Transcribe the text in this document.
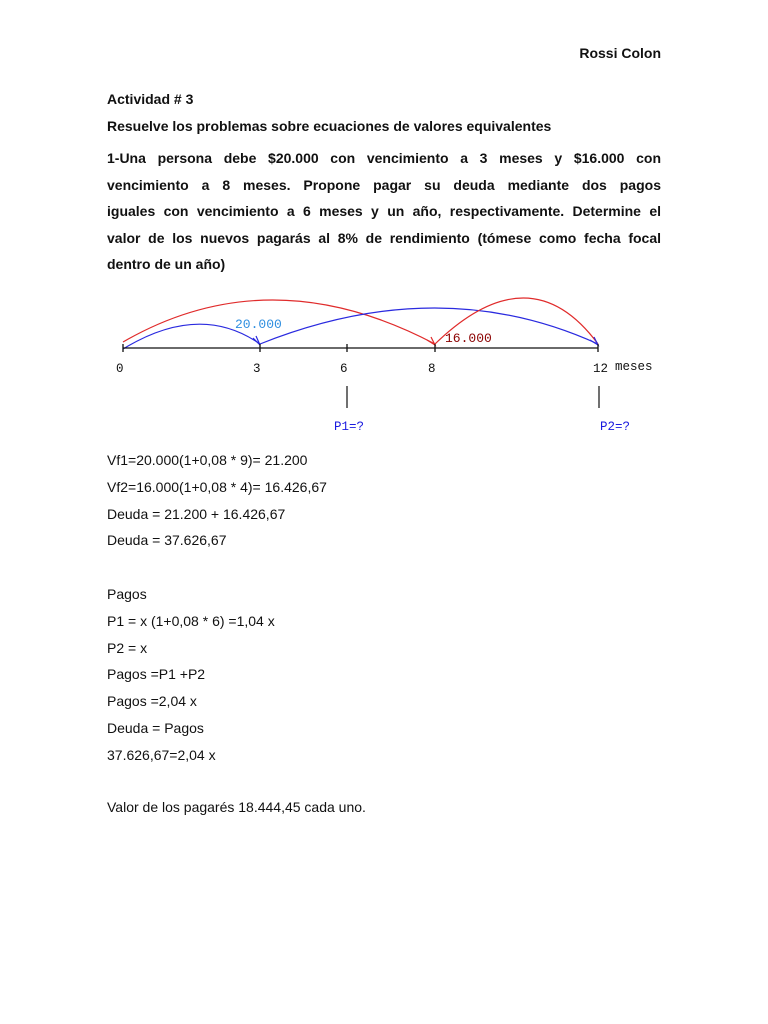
Rossi Colon
Actividad # 3
Resuelve los problemas sobre ecuaciones de valores equivalentes
1-Una persona debe $20.000 con vencimiento a 3 meses y $16.000 con
vencimiento a 8 meses. Propone pagar su deuda mediante dos pagos
iguales con vencimiento a 6 meses y un año, respectivamente. Determine el
valor de los nuevos pagarás al 8% de rendimiento (tómese como fecha focal
dentro de un año)
20.000
16.000
0	3	6	8	12 meses
P1=?	P2=?
Vf1=20.000(1+0,08 * 9)= 21.200
Vf2=16.000(1+0,08 * 4)= 16.426,67
Deuda = 21.200 + 16.426,67
Deuda = 37.626,67
Pagos
P1 = x (1+0,08 * 6) =1,04 x
P2 = x
Pagos =P1 +P2
Pagos =2,04 x
Deuda = Pagos
37.626,67=2,04 x
Valor de los pagarés 18.444,45 cada uno.
